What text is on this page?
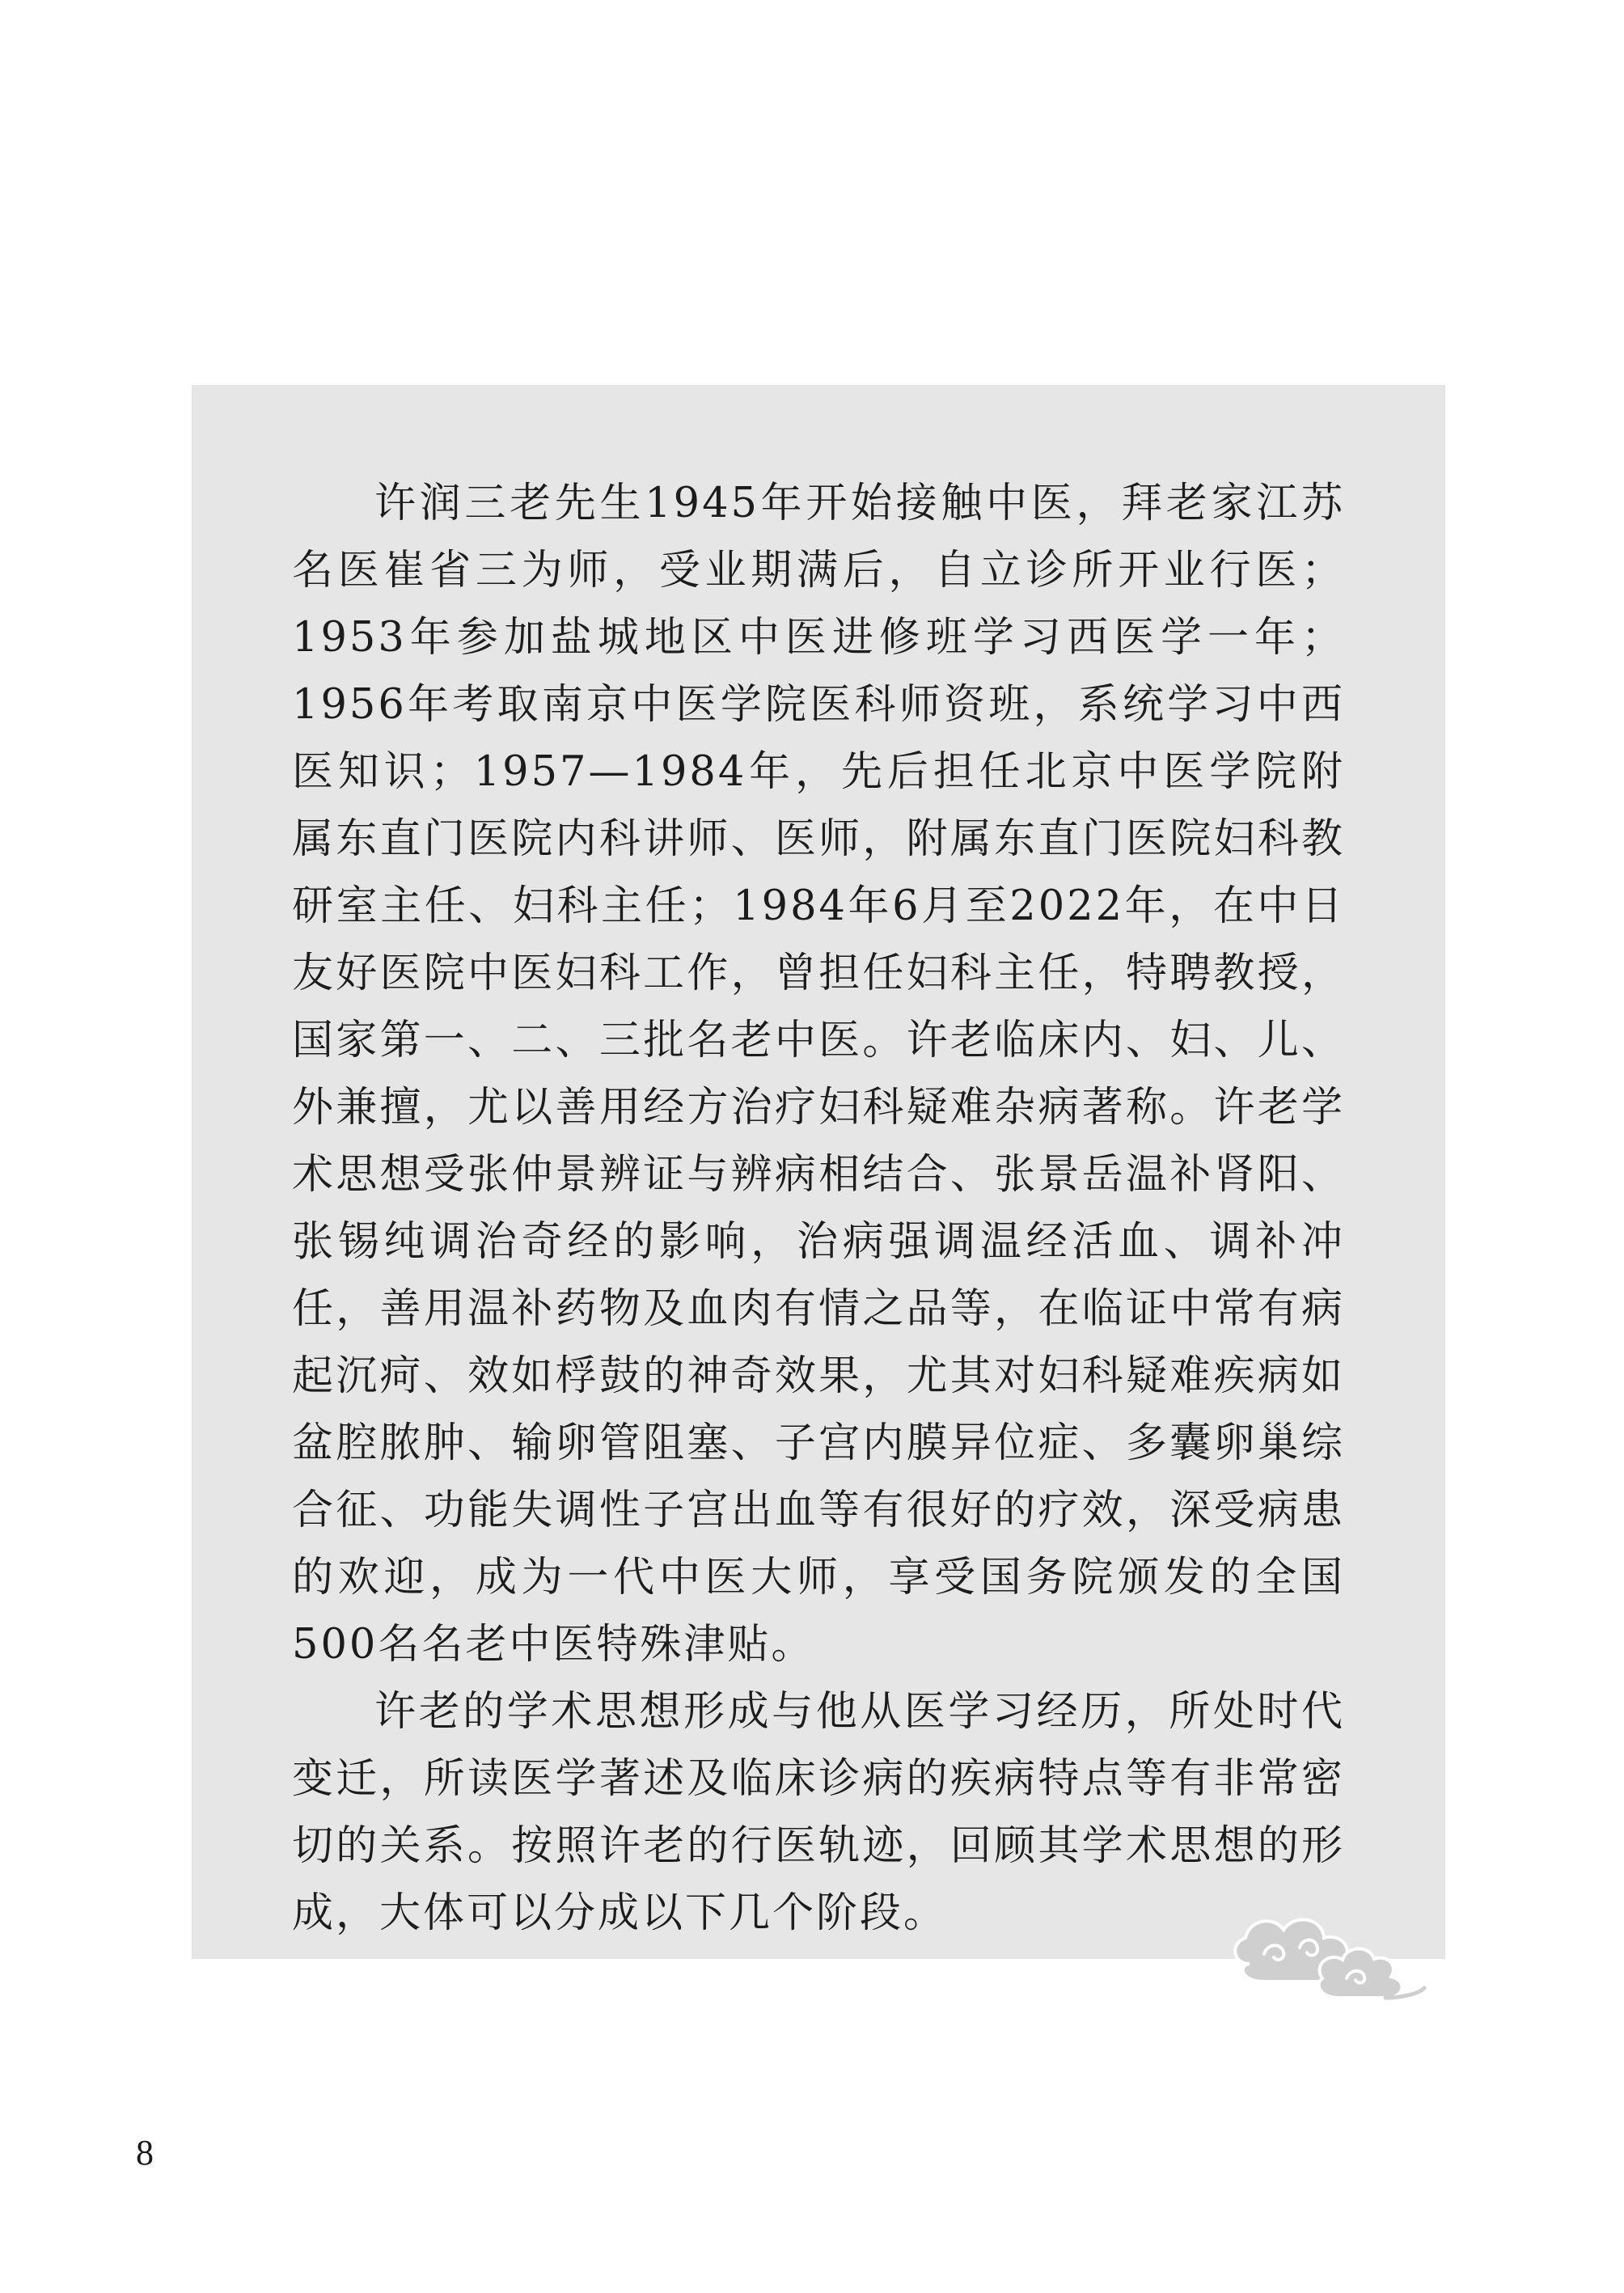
许润三老先生1945年开始接触中医，拜老家江苏名医崔省三为师，受业期满后，自立诊所开业行医；1953年参加盐城地区中医进修班学习西医学一年；1956年考取南京中医学院医科师资班，系统学习中西医知识；1957—1984年，先后担任北京中医学院附属东直门医院内科讲师、医师，附属东直门医院妇科教研室主任、妇科主任；1984年6月至2022年，在中日友好医院中医妇科工作，曾担任妇科主任，特聘教授，国家第一、二、三批名老中医。许老临床内、妇、儿、外兼擅，尤以善用经方治疗妇科疑难杂病著称。许老学术思想受张仲景辨证与辨病相结合、张景岳温补肾阳、张锡纯调治奇经的影响，治病强调温经活血、调补冲任，善用温补药物及血肉有情之品等，在临证中常有病起沉疴、效如桴鼓的神奇效果，尤其对妇科疑难疾病如盆腔脓肿、输卵管阻塞、子宫内膜异位症、多囊卵巢综合征、功能失调性子宫出血等有很好的疗效，深受病患的欢迎，成为一代中医大师，享受国务院颁发的全国500名名老中医特殊津贴。

许老的学术思想形成与他从医学习经历，所处时代变迁，所读医学著述及临床诊病的疾病特点等有非常密切的关系。按照许老的行医轨迹，回顾其学术思想的形成，大体可以分成以下几个阶段。

8
